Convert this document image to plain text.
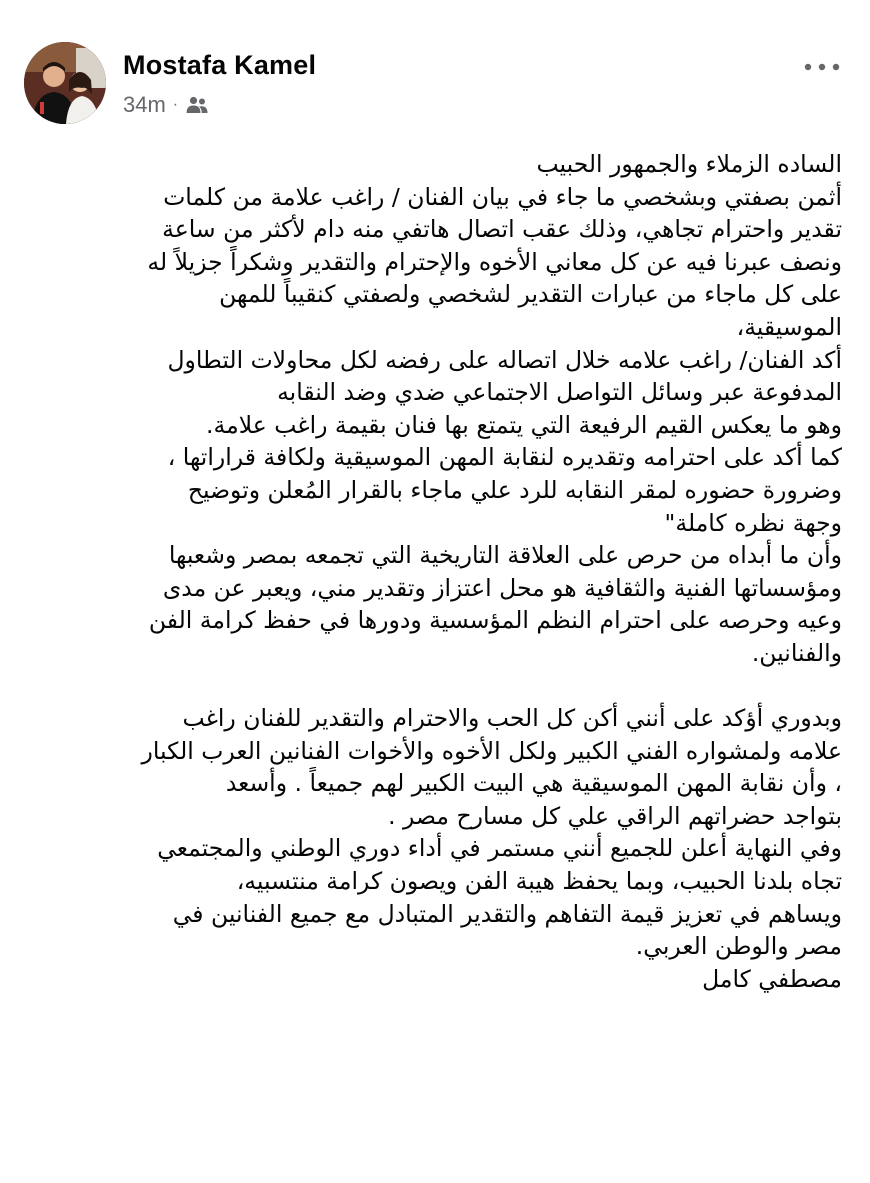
Mostafa Kamel
34m ·
الساده الزملاء والجمهور الحبيب
أثمن بصفتي وبشخصي ما جاء في بيان الفنان / راغب علامة من كلمات
تقدير واحترام تجاهي، وذلك عقب اتصال هاتفي منه دام لأكثر من ساعة
ونصف عبرنا فيه عن كل معاني الأخوه والإحترام والتقدير وشكراً جزيلاً له
على كل ماجاء من عبارات التقدير لشخصي ولصفتي كنقيباً للمهن
الموسيقية،
أكد الفنان/ راغب علامه خلال اتصاله على رفضه لكل محاولات التطاول
المدفوعة عبر وسائل التواصل الاجتماعي ضدي وضد النقابه
وهو ما يعكس القيم الرفيعة التي يتمتع بها فنان بقيمة راغب علامة.
كما أكد على احترامه وتقديره لنقابة المهن الموسيقية ولكافة قراراتها ،
وضرورة حضوره لمقر النقابه للرد علي ماجاء بالقرار المُعلن وتوضيح
وجهة نظره كاملة"
وأن ما أبداه من حرص على العلاقة التاريخية التي تجمعه بمصر وشعبها
ومؤسساتها الفنية والثقافية هو محل اعتزاز وتقدير مني، ويعبر عن مدى
وعيه وحرصه على احترام النظم المؤسسية ودورها في حفظ كرامة الفن
والفنانين.
وبدوري أؤكد على أنني أكن كل الحب والاحترام والتقدير للفنان راغب
علامه ولمشواره الفني الكبير ولكل الأخوه والأخوات الفنانين العرب الكبار
، وأن نقابة المهن الموسيقية هي البيت الكبير لهم جميعاً . وأسعد
بتواجد حضراتهم الراقي علي كل مسارح مصر .
وفي النهاية أعلن للجميع أنني مستمر في أداء دوري الوطني والمجتمعي
تجاه بلدنا الحبيب، وبما يحفظ هيبة الفن ويصون كرامة منتسبيه،
ويساهم في تعزيز قيمة التفاهم والتقدير المتبادل مع جميع الفنانين في
مصر والوطن العربي.
مصطفي كامل
